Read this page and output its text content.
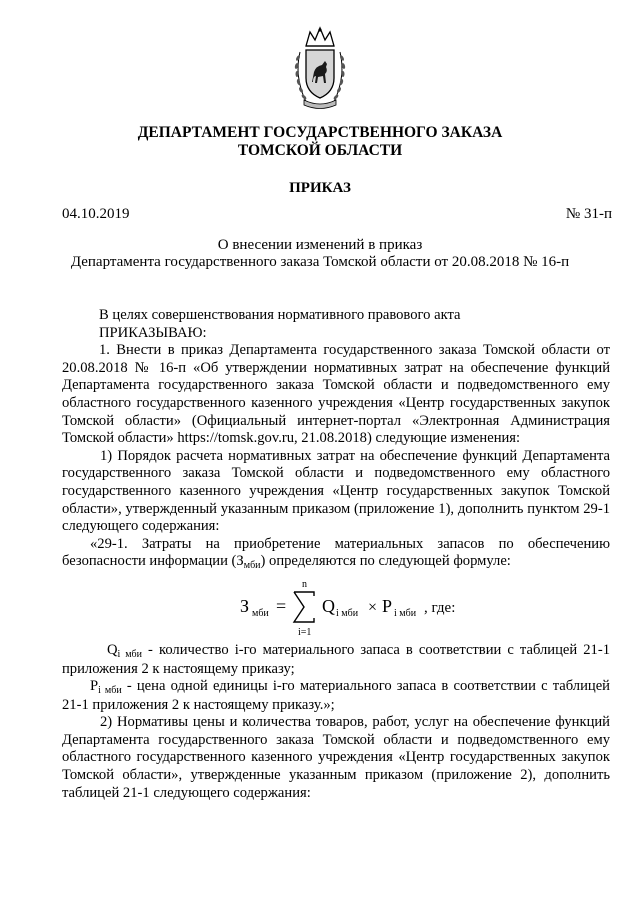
ДЕПАРТАМЕНТ ГОСУДАРСТВЕННОГО ЗАКАЗА
ТОМСКОЙ ОБЛАСТИ
ПРИКАЗ
04.10.2019	№ 31-п
О внесении изменений в приказ
Департамента государственного заказа Томской области от 20.08.2018 № 16-п

В целях совершенствования нормативного правового акта

ПРИКАЗЫВАЮ:

1. Внести в приказ Департамента государственного заказа Томской области от 20.08.2018 № 16-п «Об утверждении нормативных затрат на обеспечение функций Департамента государственного заказа Томской области и подведомственного ему областного государственного казенного учреждения «Центр государственных закупок Томской области» (Официальный интернет-портал «Электронная Администрация Томской области» https://tomsk.gov.ru, 21.08.2018) следующие изменения:

1) Порядок расчета нормативных затрат на обеспечение функций Департамента государственного заказа Томской области и подведомственного ему областного государственного казенного учреждения «Центр государственных закупок Томской области», утвержденный указанным приказом (приложение 1), дополнить пунктом 29-1 следующего содержания:

«29-1. Затраты на приобретение материальных запасов по обеспечению безопасности информации $(З_{мби})$ определяются по следующей формуле:

З мби =
n
i=1
Q i мби × P i мби , где:

$Q_{i мби}$ - количество i-го материального запаса в соответствии с таблицей 21-1 приложения 2 к настоящему приказу;

$P_{i мби}$ - цена одной единицы i-го материального запаса в соответствии с таблицей 21-1 приложения 2 к настоящему приказу.»;

2) Нормативы цены и количества товаров, работ, услуг на обеспечение функций Департамента государственного заказа Томской области и подведомственного ему областного государственного казенного учреждения «Центр государственных закупок Томской области», утвержденные указанным приказом (приложение 2), дополнить таблицей 21-1 следующего содержания:
